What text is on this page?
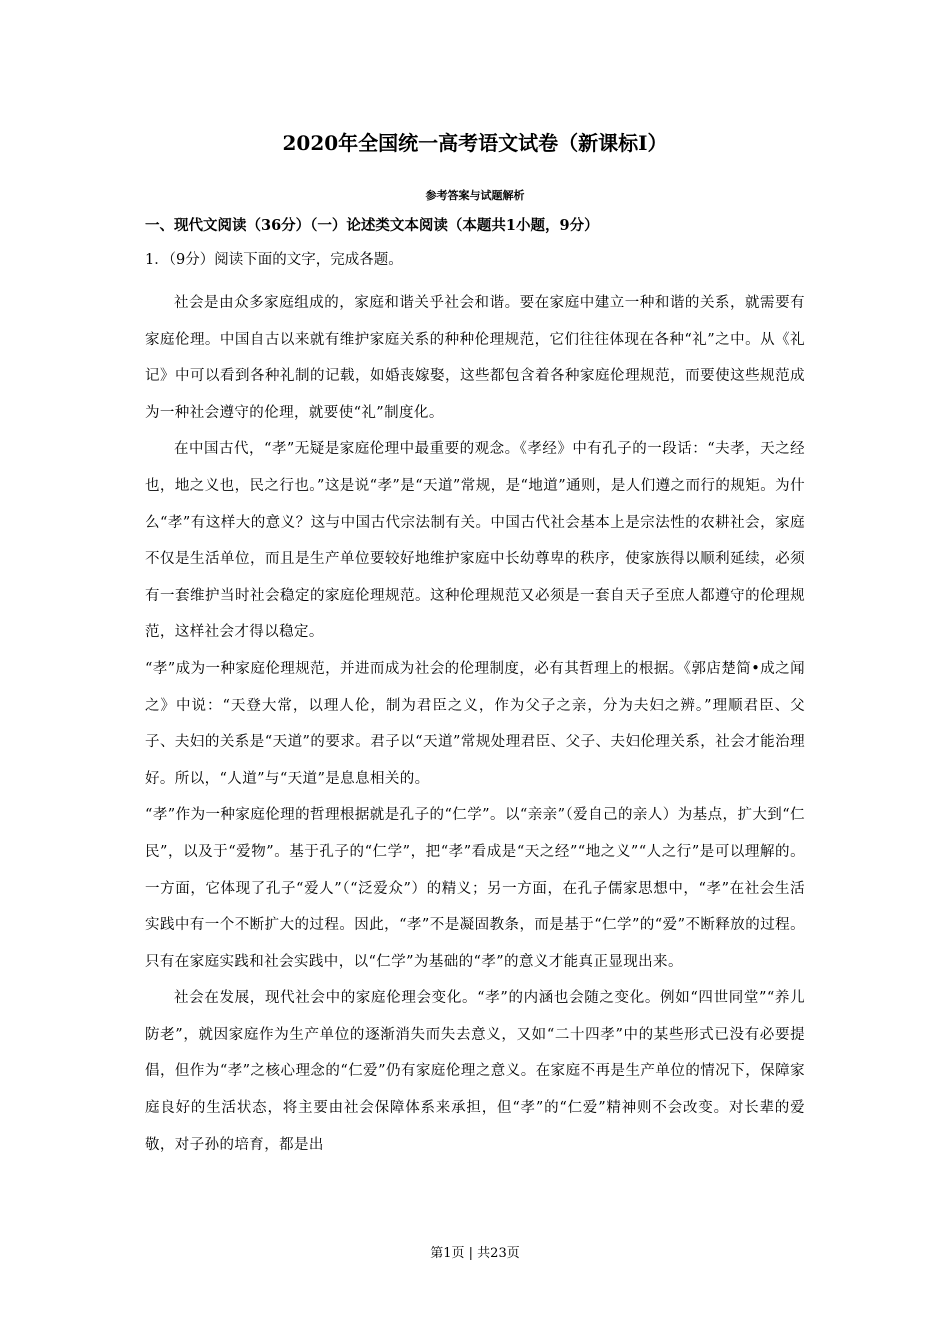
2020年全国统一高考语文试卷（新课标Ⅰ）
参考答案与试题解析
一、现代文阅读（36分）（一）论述类文本阅读（本题共1小题，9分）
1．（9分）阅读下面的文字，完成各题。

社会是由众多家庭组成的，家庭和谐关乎社会和谐。要在家庭中建立一种和谐的关系，就需要有家庭伦理。中国自古以来就有维护家庭关系的种种伦理规范，它们往往体现在各种“礼”之中。从《礼记》中可以看到各种礼制的记载，如婚丧嫁娶，这些都包含着各种家庭伦理规范，而要使这些规范成为一种社会遵守的伦理，就要使“礼”制度化。

在中国古代，“孝”无疑是家庭伦理中最重要的观念。《孝经》中有孔子的一段话：“夫孝，天之经也，地之义也，民之行也。”这是说“孝”是“天道”常规，是“地道”通则，是人们遵之而行的规矩。为什么“孝”有这样大的意义？这与中国古代宗法制有关。中国古代社会基本上是宗法性的农耕社会，家庭不仅是生活单位，而且是生产单位要较好地维护家庭中长幼尊卑的秩序，使家族得以顺利延续，必须有一套维护当时社会稳定的家庭伦理规范。这种伦理规范又必须是一套自天子至庶人都遵守的伦理规范，这样社会才得以稳定。

“孝”成为一种家庭伦理规范，并进而成为社会的伦理制度，必有其哲理上的根据。《郭店楚简•成之闻之》中说：“天登大常，以理人伦，制为君臣之义，作为父子之亲，分为夫妇之辨。”理顺君臣、父子、夫妇的关系是“天道”的要求。君子以“天道”常规处理君臣、父子、夫妇伦理关系，社会才能治理好。所以，“人道”与“天道”是息息相关的。

“孝”作为一种家庭伦理的哲理根据就是孔子的“仁学”。以“亲亲”（爱自己的亲人）为基点，扩大到“仁民”，以及于“爱物”。基于孔子的“仁学”，把“孝”看成是“天之经”“地之义”“人之行”是可以理解的。一方面，它体现了孔子“爱人”（“泛爱众”）的精义；另一方面，在孔子儒家思想中，“孝”在社会生活实践中有一个不断扩大的过程。因此，“孝”不是凝固教条，而是基于“仁学”的“爱”不断释放的过程。只有在家庭实践和社会实践中，以“仁学”为基础的“孝”的意义才能真正显现出来。

社会在发展，现代社会中的家庭伦理会变化。“孝”的内涵也会随之变化。例如“四世同堂”“养儿防老”，就因家庭作为生产单位的逐渐消失而失去意义，又如“二十四孝”中的某些形式已没有必要提倡，但作为“孝”之核心理念的“仁爱”仍有家庭伦理之意义。在家庭不再是生产单位的情况下，保障家庭良好的生活状态，将主要由社会保障体系来承担，但“孝”的“仁爱”精神则不会改变。对长辈的爱敬，对子孙的培育，都是出

第1页 | 共23页
